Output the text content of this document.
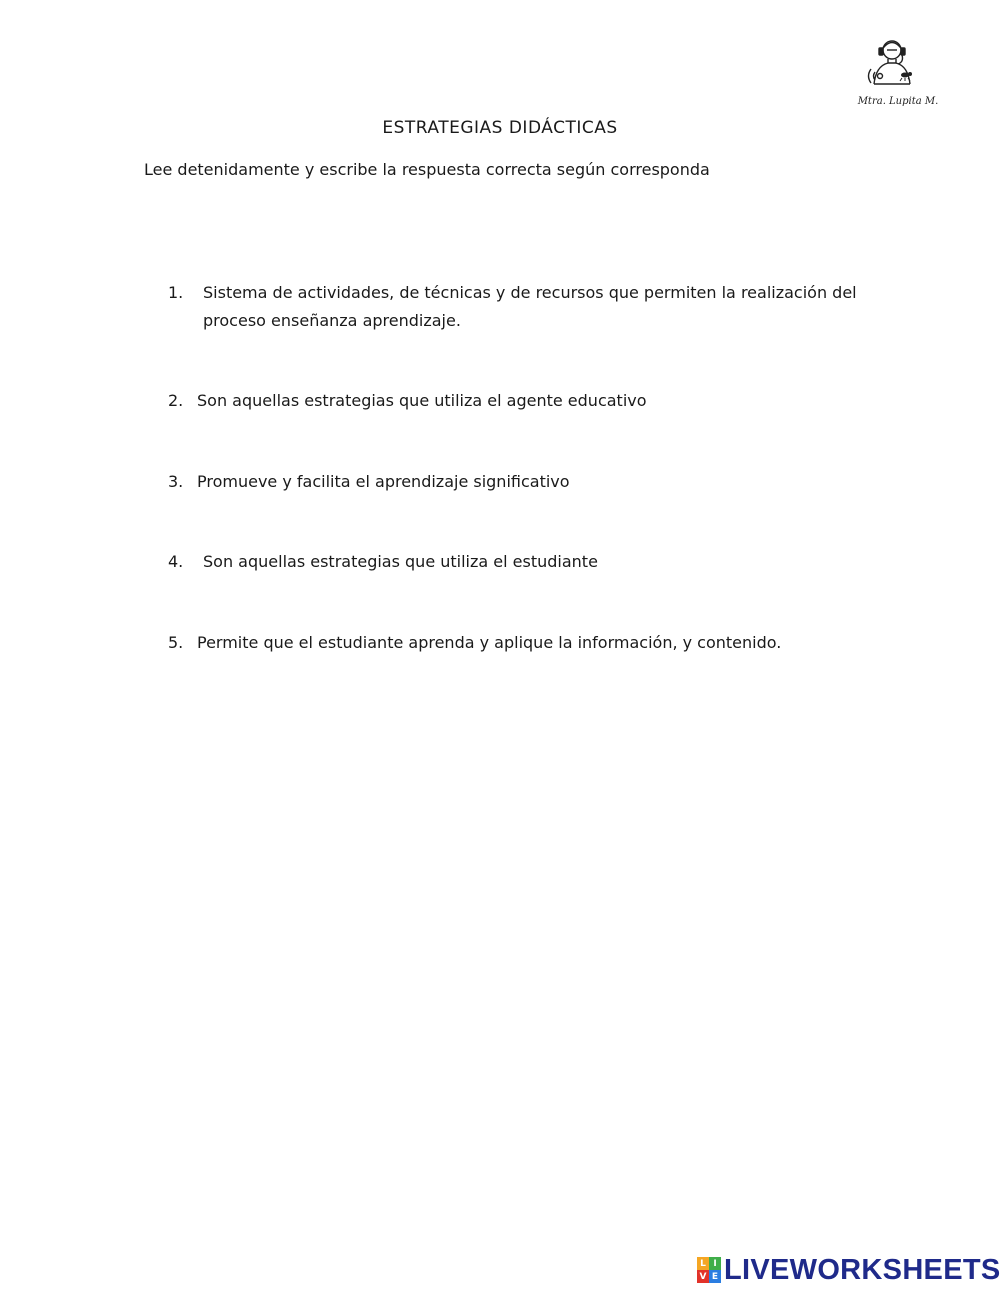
Mtra. Lupita M.
ESTRATEGIAS DIDÁCTICAS
Lee detenidamente y escribe la respuesta correcta según corresponda
1.	Sistema de actividades, de técnicas y de recursos que permiten la realización del proceso enseñanza aprendizaje.
2. Son aquellas estrategias que utiliza el agente educativo
3. Promueve y facilita el aprendizaje significativo
4.	Son aquellas estrategias que utiliza el estudiante
5. Permite que el estudiante aprenda y aplique la información, y contenido.
L I
V E LIVEWORKSHEETS
